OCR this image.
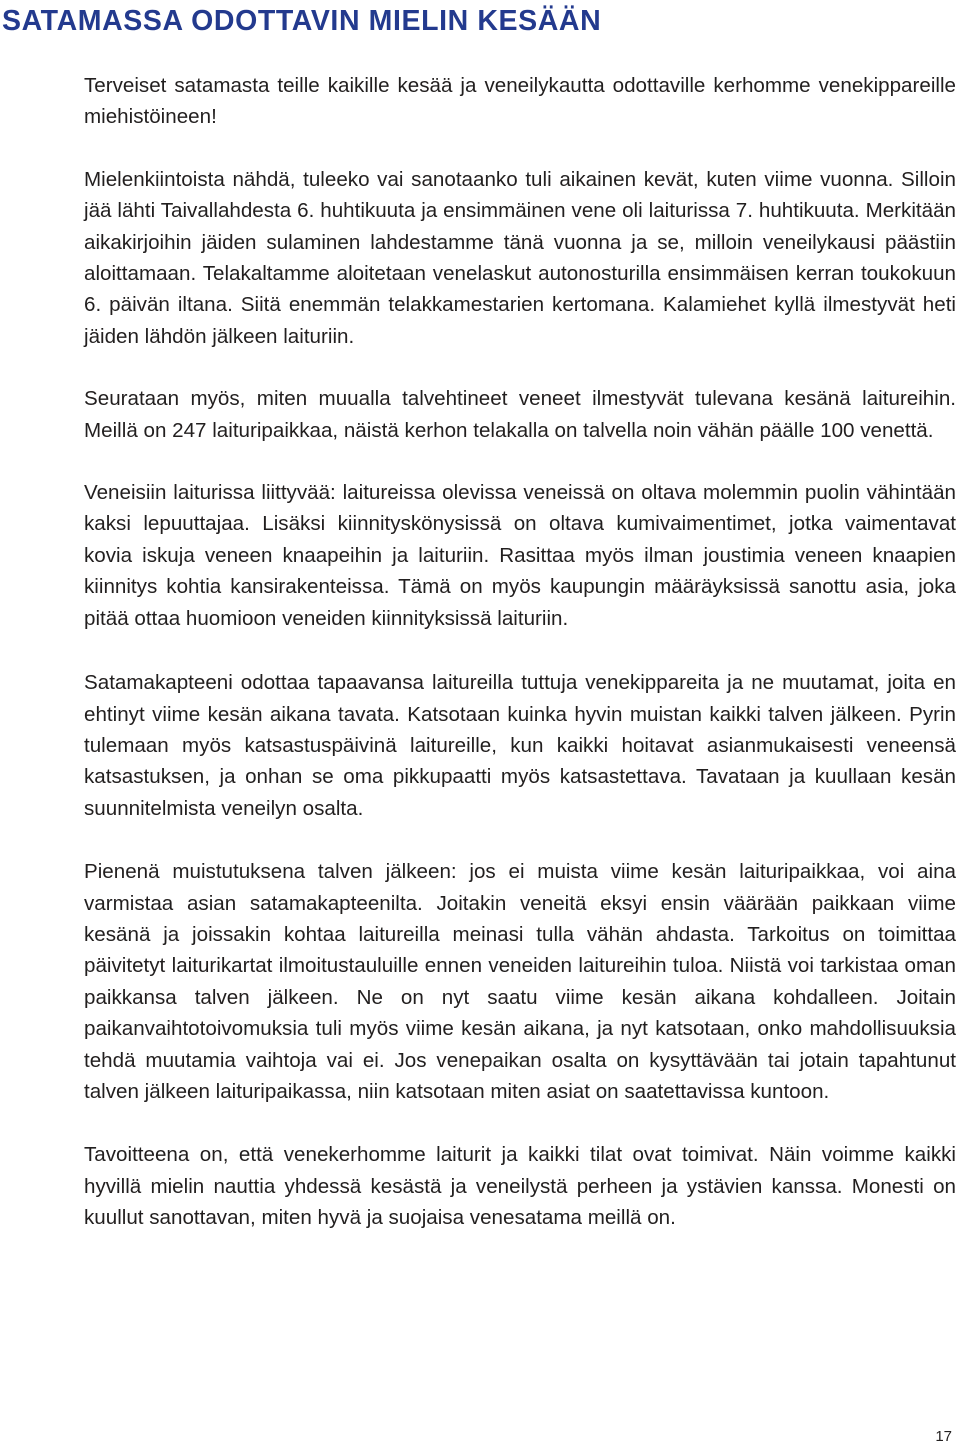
SATAMASSA ODOTTAVIN MIELIN KESÄÄN

Terveiset satamasta teille kaikille kesää ja veneilykautta odottaville kerhomme venekippareille miehistöineen!

Mielenkiintoista nähdä, tuleeko vai sanotaanko tuli aikainen kevät, kuten viime vuonna. Silloin jää lähti Taivallahdesta 6. huhtikuuta ja ensimmäinen vene oli laiturissa 7. huhtikuuta. Merkitään aikakirjoihin jäiden sulaminen lahdestamme tänä vuonna ja se, milloin veneilykausi päästiin aloittamaan. Telakaltamme aloitetaan venelaskut autonosturilla ensimmäisen kerran toukokuun 6. päivän iltana. Siitä enemmän telakkamestarien kertomana. Kalamiehet kyllä ilmestyvät heti jäiden lähdön jälkeen laituriin.

Seurataan myös, miten muualla talvehtineet veneet ilmestyvät tulevana kesänä laitureihin. Meillä on 247 laituripaikkaa, näistä kerhon telakalla on talvella noin vähän päälle 100 venettä.

Veneisiin laiturissa liittyvää: laitureissa olevissa veneissä on oltava molemmin puolin vähintään kaksi lepuuttajaa. Lisäksi kiinnityskönysissä on oltava kumivaimentimet, jotka vaimentavat kovia iskuja veneen knaapeihin ja laituriin. Rasittaa myös ilman joustimia veneen knaapien kiinnitys kohtia kansirakenteissa. Tämä on myös kaupungin määräyksissä sanottu asia, joka pitää ottaa huomioon veneiden kiinnityksissä laituriin.

Satamakapteeni odottaa tapaavansa laitureilla tuttuja venekippareita ja ne muutamat, joita en ehtinyt viime kesän aikana tavata. Katsotaan kuinka hyvin muistan kaikki talven jälkeen. Pyrin tulemaan myös katsastuspäivinä laitureille, kun kaikki hoitavat asianmukaisesti veneensä katsastuksen, ja onhan se oma pikkupaatti myös katsastettava. Tavataan ja kuullaan kesän suunnitelmista veneilyn osalta.

Pienenä muistutuksena talven jälkeen: jos ei muista viime kesän laituripaikkaa, voi aina varmistaa asian satamakapteenilta. Joitakin veneitä eksyi ensin väärään paikkaan viime kesänä ja joissakin kohtaa laitureilla meinasi tulla vähän ahdasta. Tarkoitus on toimittaa päivitetyt laiturikartat ilmoitustauluille ennen veneiden laitureihin tuloa. Niistä voi tarkistaa oman paikkansa talven jälkeen. Ne on nyt saatu viime kesän aikana kohdalleen. Joitain paikanvaihtotoivomuksia tuli myös viime kesän aikana, ja nyt katsotaan, onko mahdollisuuksia tehdä muutamia vaihtoja vai ei. Jos venepaikan osalta on kysyttävään tai jotain tapahtunut talven jälkeen laituripaikassa, niin katsotaan miten asiat on saatettavissa kuntoon.

Tavoitteena on, että venekerhomme laiturit ja kaikki tilat ovat toimivat. Näin voimme kaikki hyvillä mielin nauttia yhdessä kesästä ja veneilystä perheen ja ystävien kanssa. Monesti on kuullut sanottavan, miten hyvä ja suojaisa venesatama meillä on.

17
